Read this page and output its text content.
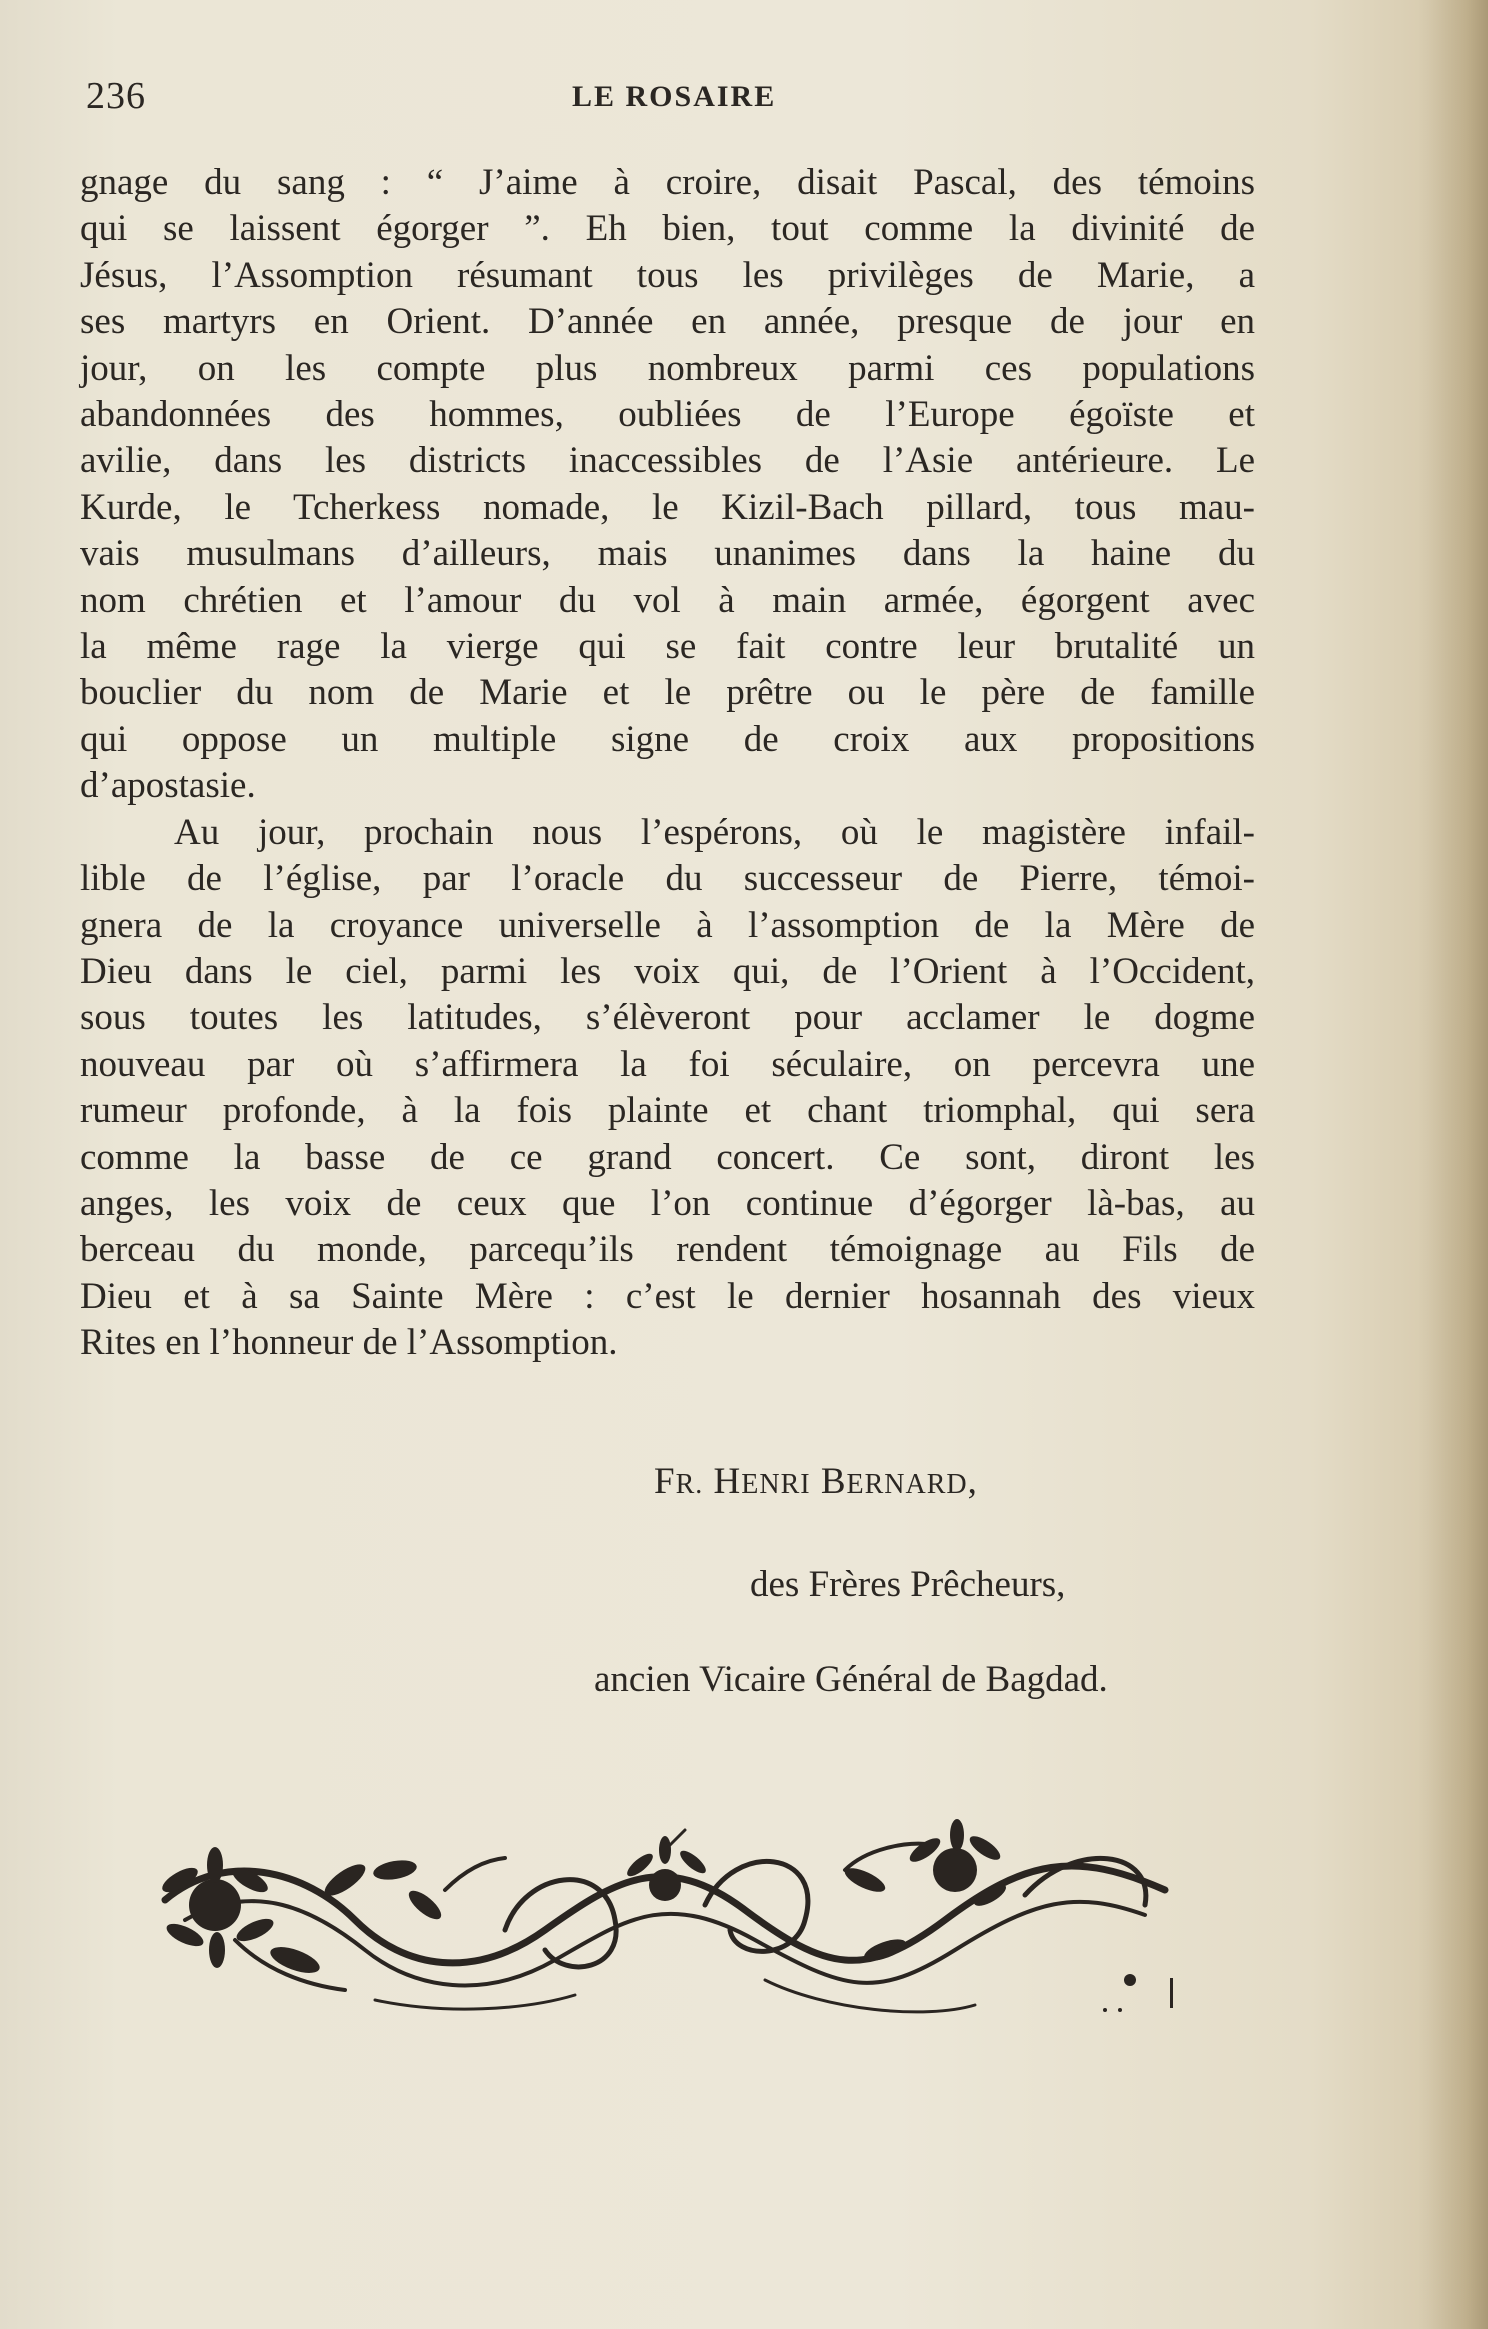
236	LE ROSAIRE
gnage du sang : “ J’aime à croire, disait Pascal, des témoins
qui se laissent égorger ”. Eh bien, tout comme la divinité de
Jésus, l’Assomption résumant tous les privilèges de Marie, a
ses martyrs en Orient. D’année en année, presque de jour en
jour, on les compte plus nombreux parmi ces populations
abandonnées des hommes, oubliées de l’Europe égoïste et
avilie, dans les districts inaccessibles de l’Asie antérieure. Le
Kurde, le Tcherkess nomade, le Kizil-Bach pillard, tous mau-
vais musulmans d’ailleurs, mais unanimes dans la haine du
nom chrétien et l’amour du vol à main armée, égorgent avec
la même rage la vierge qui se fait contre leur brutalité un
bouclier du nom de Marie et le prêtre ou le père de famille
qui oppose un multiple signe de croix aux propositions
d’apostasie.
Au jour, prochain nous l’espérons, où le magistère infail-
lible de l’église, par l’oracle du successeur de Pierre, témoi-
gnera de la croyance universelle à l’assomption de la Mère de
Dieu dans le ciel, parmi les voix qui, de l’Orient à l’Occident,
sous toutes les latitudes, s’élèveront pour acclamer le dogme
nouveau par où s’affirmera la foi séculaire, on percevra une
rumeur profonde, à la fois plainte et chant triomphal, qui sera
comme la basse de ce grand concert. Ce sont, diront les
anges, les voix de ceux que l’on continue d’égorger là-bas, au
berceau du monde, parcequ’ils rendent témoignage au Fils de
Dieu et à sa Sainte Mère : c’est le dernier hosannah des vieux
Rites en l’honneur de l’Assomption.
FR. HENRI BERNARD,
des Frères Prêcheurs,
ancien Vicaire Général de Bagdad.
